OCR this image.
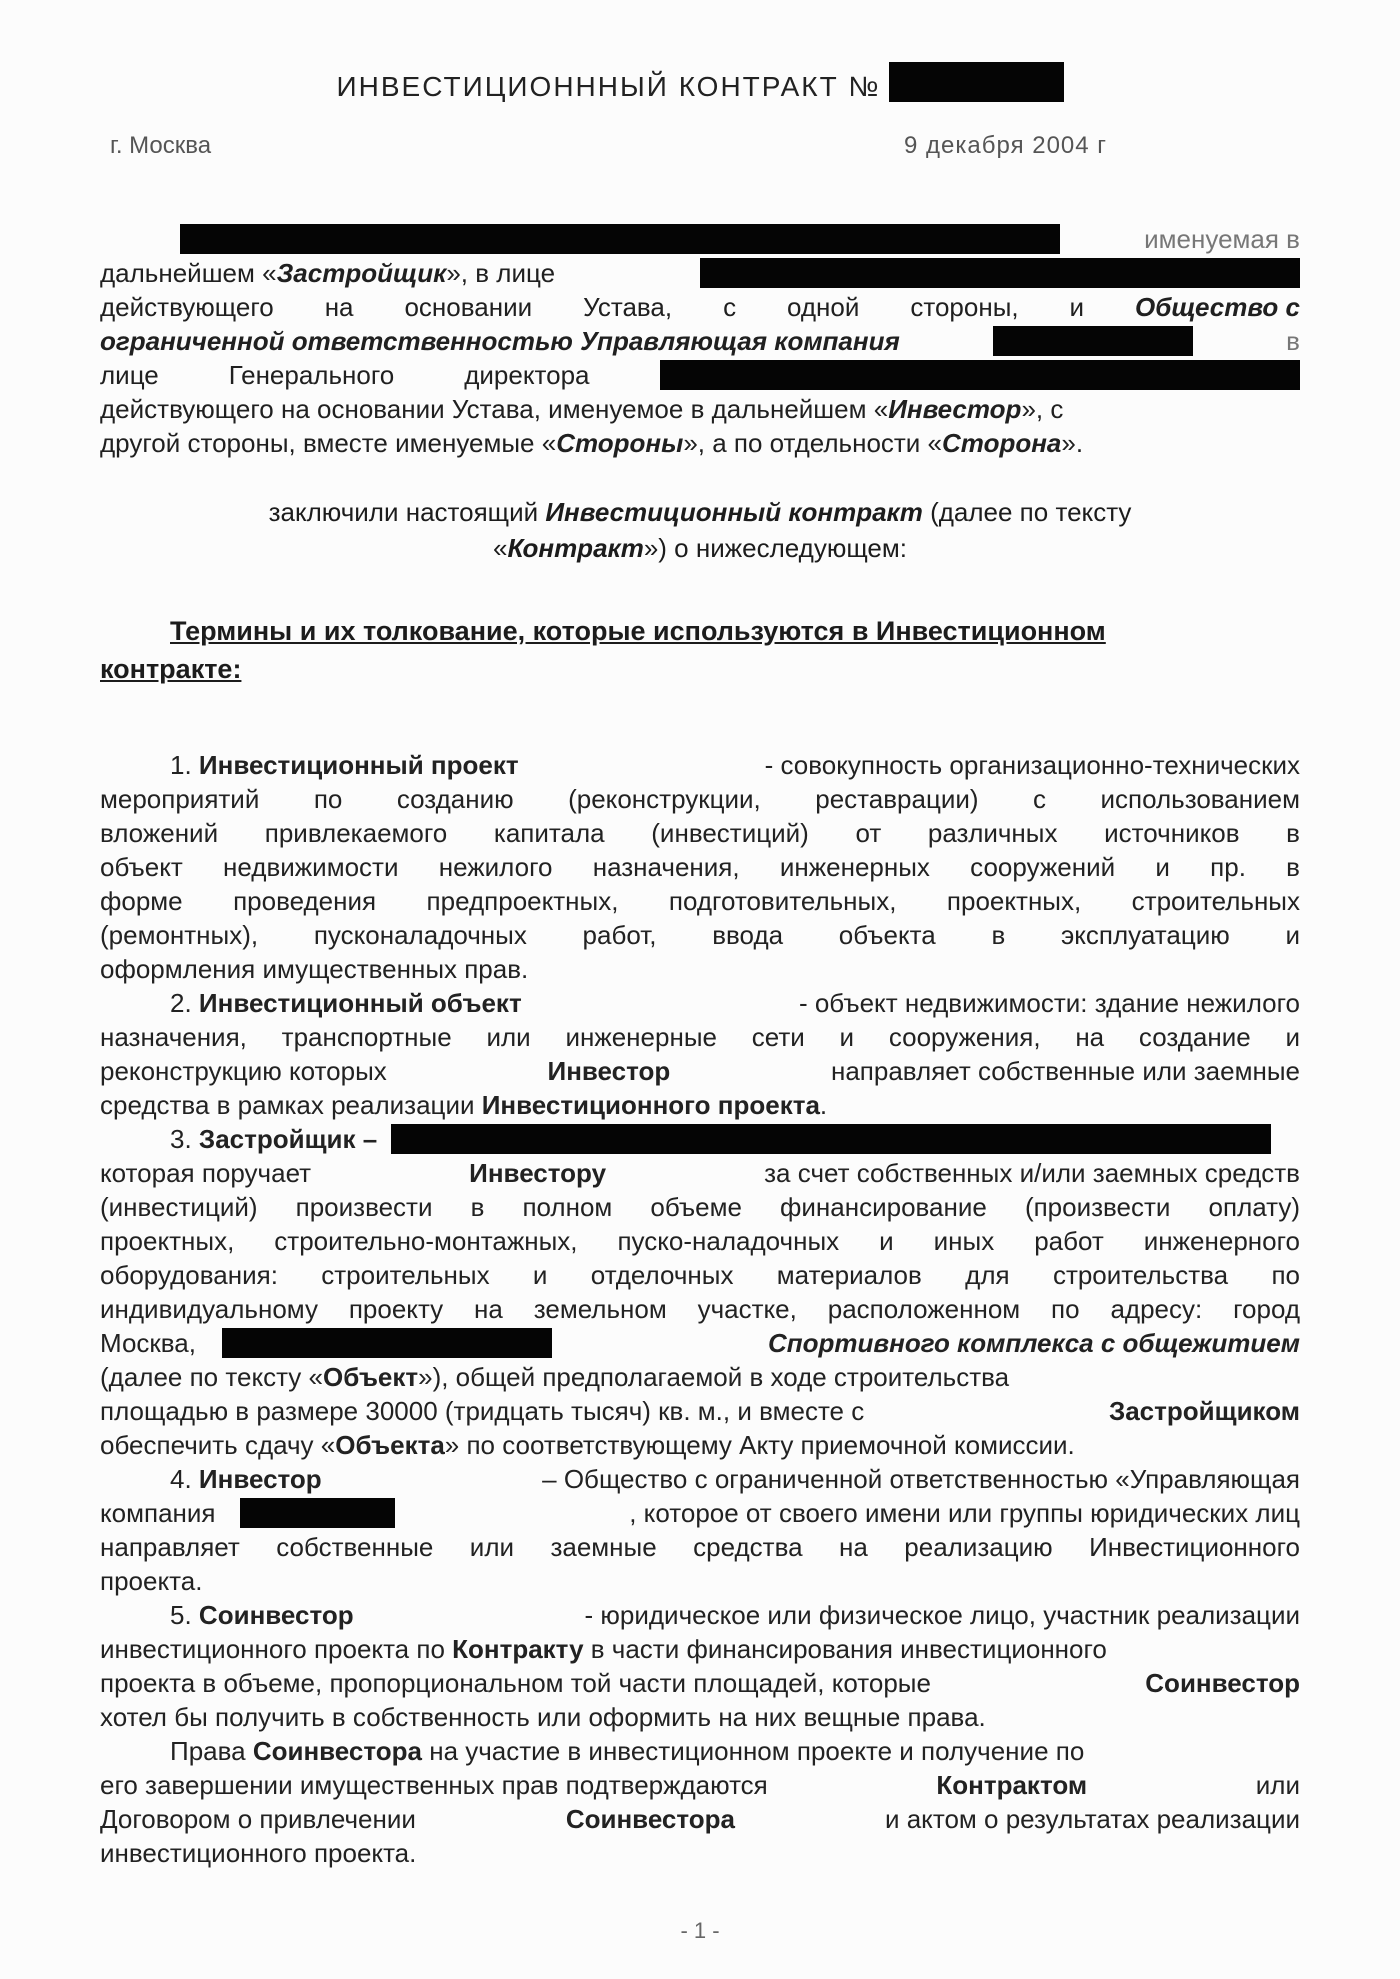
ИНВЕСТИЦИОНННЫЙ КОНТРАКТ №
г. Москва	9 декабря 2004 г
именуемая в
дальнейшем «Застройщик», в лице
действующего на основании Устава, с одной стороны, и Общество с
ограниченной ответственностью Управляющая компания	в
лице	Генерального	директора
действующего на основании Устава, именуемое в дальнейшем «Инвестор», с
другой стороны, вместе именуемые «Стороны», а по отдельности «Сторона».
заключили настоящий Инвестиционный контракт (далее по тексту
«Контракт») о нижеследующем:
Термины и их толкование, которые используются в Инвестиционном
контракте:
1. Инвестиционный проект	- совокупность организационно-технических
мероприятий по созданию (реконструкции, реставрации) с использованием
вложений привлекаемого капитала (инвестиций) от различных источников в
объект недвижимости нежилого назначения, инженерных сооружений и пр. в
форме проведения предпроектных, подготовительных, проектных, строительных
(ремонтных), пусконаладочных работ, ввода объекта в эксплуатацию и
оформления имущественных прав.
2. Инвестиционный объект	- объект недвижимости: здание нежилого
назначения, транспортные или инженерные сети и сооружения, на создание и
реконструкцию которых	Инвестор	направляет собственные или заемные
средства в рамках реализации Инвестиционного проекта.
3.
Застройщик –
которая поручает	Инвестору	за счет собственных и/или заемных средств
(инвестиций) произвести в полном объеме финансирование (произвести оплату)
проектных, строительно-монтажных, пуско-наладочных и иных работ инженерного
оборудования: строительных и отделочных материалов для строительства по
индивидуальному проекту на земельном участке, расположенном по адресу: город
Москва,	Спортивного комплекса с общежитием
(далее по тексту «Объект»), общей предполагаемой в ходе строительства
площадью в размере 30000 (тридцать тысяч) кв. м., и вместе с	Застройщиком
обеспечить сдачу «Объекта» по соответствующему Акту приемочной комиссии.
4. Инвестор	– Общество с ограниченной ответственностью «Управляющая
компания	, которое от своего имени или группы юридических лиц
направляет собственные или заемные средства на реализацию Инвестиционного
проекта.
5. Соинвестор	- юридическое или физическое лицо, участник реализации
инвестиционного проекта по Контракту в части финансирования инвестиционного
проекта в объеме, пропорциональном той части площадей, которые	Соинвестор
хотел бы получить в собственность или оформить на них вещные права.
Права Соинвестора на участие в инвестиционном проекте и получение по
его завершении имущественных прав подтверждаются	Контрактом	или
Договором о привлечении	Соинвестора	и актом о результатах реализации
инвестиционного проекта.
- 1 -
